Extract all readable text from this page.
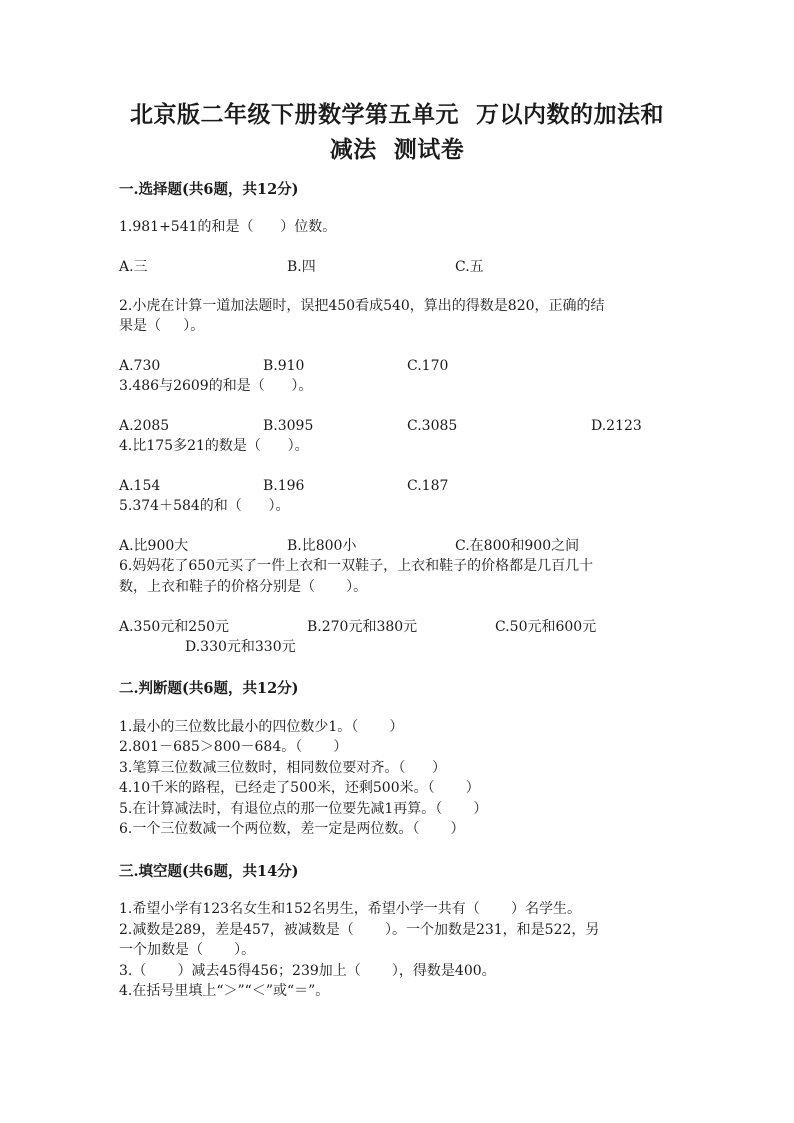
北京版二年级下册数学第五单元  万以内数的加法和
减法  测试卷
一.选择题(共6题，共12分)
1.981+541的和是（      ）位数。
A.三	B.四	C.五
2.小虎在计算一道加法题时，误把450看成540，算出的得数是820，正确的结
果是（     ）。
A.730	B.910	C.170
3.486与2609的和是（      ）。
A.2085	B.3095	C.3085	D.2123
4.比175多21的数是（      ）。
A.154	B.196	C.187
5.374＋584的和（      ）。
A.比900大	B.比800小	C.在800和900之间
6.妈妈花了650元买了一件上衣和一双鞋子，上衣和鞋子的价格都是几百几十
数，上衣和鞋子的价格分别是（       ）。
A.350元和250元	B.270元和380元	C.50元和600元
D.330元和330元
二.判断题(共6题，共12分)
1.最小的三位数比最小的四位数少1。（       ）
2.801－685＞800－684。（       ）
3.笔算三位数减三位数时，相同数位要对齐。（      ）
4.10千米的路程，已经走了500米，还剩500米。（       ）
5.在计算减法时，有退位点的那一位要先减1再算。（       ）
6.一个三位数减一个两位数，差一定是两位数。（       ）
三.填空题(共6题，共14分)
1.希望小学有123名女生和152名男生，希望小学一共有（       ）名学生。
2.减数是289，差是457，被减数是（       ）。一个加数是231，和是522，另
一个加数是（       ）。
3.（       ）减去45得456；239加上（       ），得数是400。
4.在括号里填上“＞”“＜”或“＝”。
